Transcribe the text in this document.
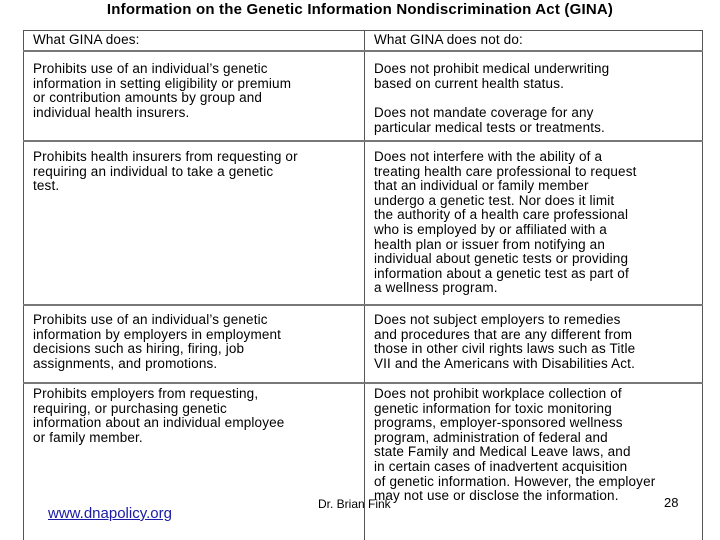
Information on the Genetic Information Nondiscrimination Act (GINA)
What GINA does:	What GINA does not do:
Prohibits use of an individual’s genetic
information in setting eligibility or premium
or contribution amounts by group and
individual health insurers.
Does not prohibit medical underwriting
based on current health status.
Does not mandate coverage for any
particular medical tests or treatments.
Prohibits health insurers from requesting or
requiring an individual to take a genetic
test.
Does not interfere with the ability of a
treating health care professional to request
that an individual or family member
undergo a genetic test. Nor does it limit
the authority of a health care professional
who is employed by or affiliated with a
health plan or issuer from notifying an
individual about genetic tests or providing
information about a genetic test as part of
a wellness program.
Prohibits use of an individual’s genetic
information by employers in employment
decisions such as hiring, firing, job
assignments, and promotions.
Does not subject employers to remedies
and procedures that are any different from
those in other civil rights laws such as Title
VII and the Americans with Disabilities Act.
Prohibits employers from requesting,
requiring, or purchasing genetic
information about an individual employee
or family member.
Does not prohibit workplace collection of
genetic information for toxic monitoring
programs, employer-sponsored wellness
program, administration of federal and
state Family and Medical Leave laws, and
in certain cases of inadvertent acquisition
of genetic information. However, the employer
may not use or disclose the information.
www.dnapolicy.org
Dr. Brian Fink	28
